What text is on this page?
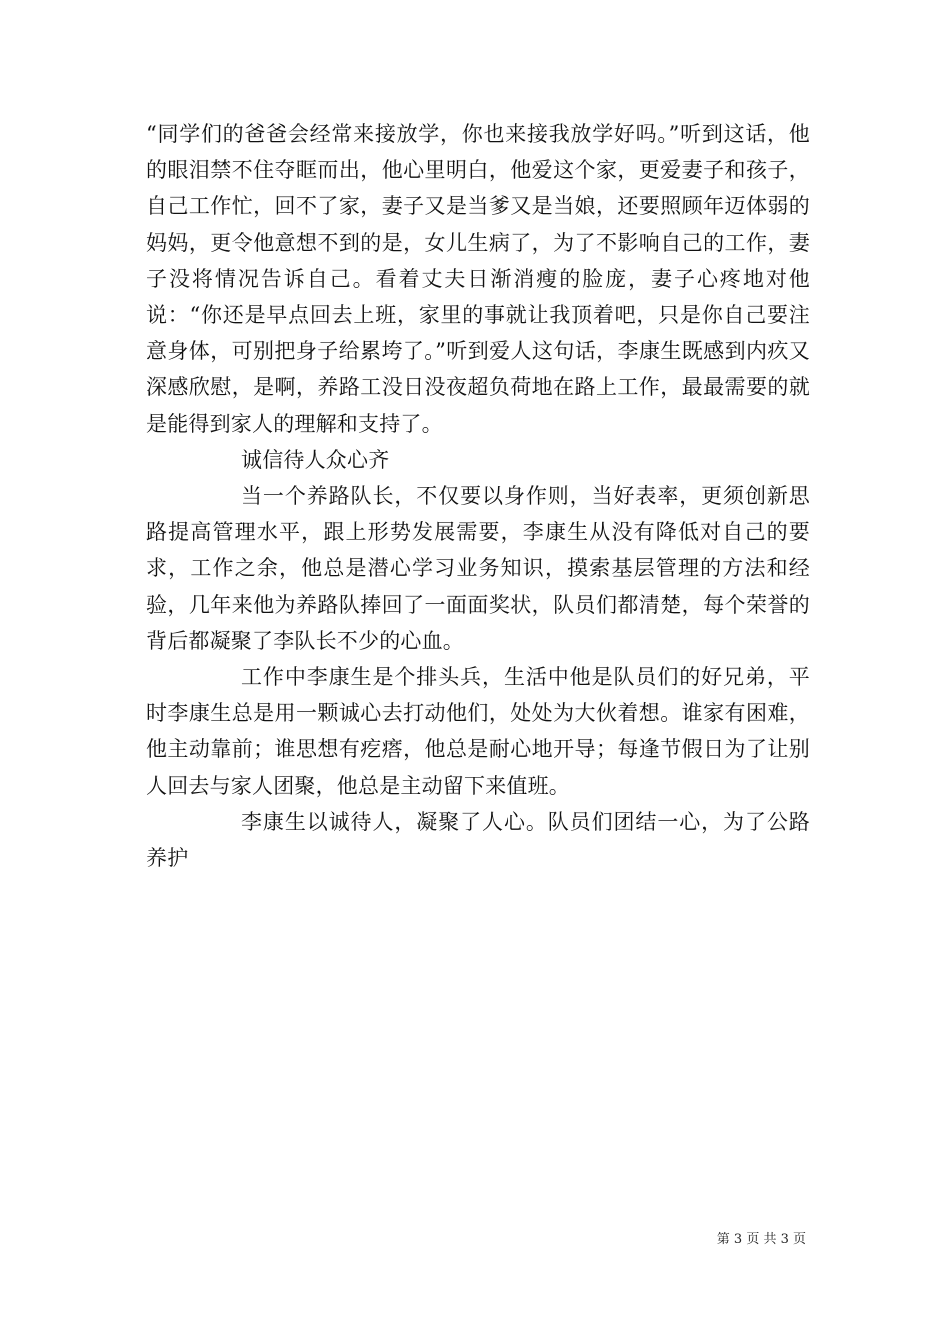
“同学们的爸爸会经常来接放学，你也来接我放学好吗。”听到这话，他的眼泪禁不住夺眶而出，他心里明白，他爱这个家，更爱妻子和孩子，自己工作忙，回不了家，妻子又是当爹又是当娘，还要照顾年迈体弱的妈妈，更令他意想不到的是，女儿生病了，为了不影响自己的工作，妻子没将情况告诉自己。看着丈夫日渐消瘦的脸庞，妻子心疼地对他说：“你还是早点回去上班，家里的事就让我顶着吧，只是你自己要注意身体，可别把身子给累垮了。”听到爱人这句话，李康生既感到内疚又深感欣慰，是啊，养路工没日没夜超负荷地在路上工作，最最需要的就是能得到家人的理解和支持了。

诚信待人众心齐

当一个养路队长，不仅要以身作则，当好表率，更须创新思路提高管理水平，跟上形势发展需要，李康生从没有降低对自己的要求，工作之余，他总是潜心学习业务知识，摸索基层管理的方法和经验，几年来他为养路队捧回了一面面奖状，队员们都清楚，每个荣誉的背后都凝聚了李队长不少的心血。

工作中李康生是个排头兵，生活中他是队员们的好兄弟，平时李康生总是用一颗诚心去打动他们，处处为大伙着想。谁家有困难，他主动靠前；谁思想有疙瘩，他总是耐心地开导；每逢节假日为了让别人回去与家人团聚，他总是主动留下来值班。

李康生以诚待人，凝聚了人心。队员们团结一心，为了公路养护

第 3 页 共 3 页
